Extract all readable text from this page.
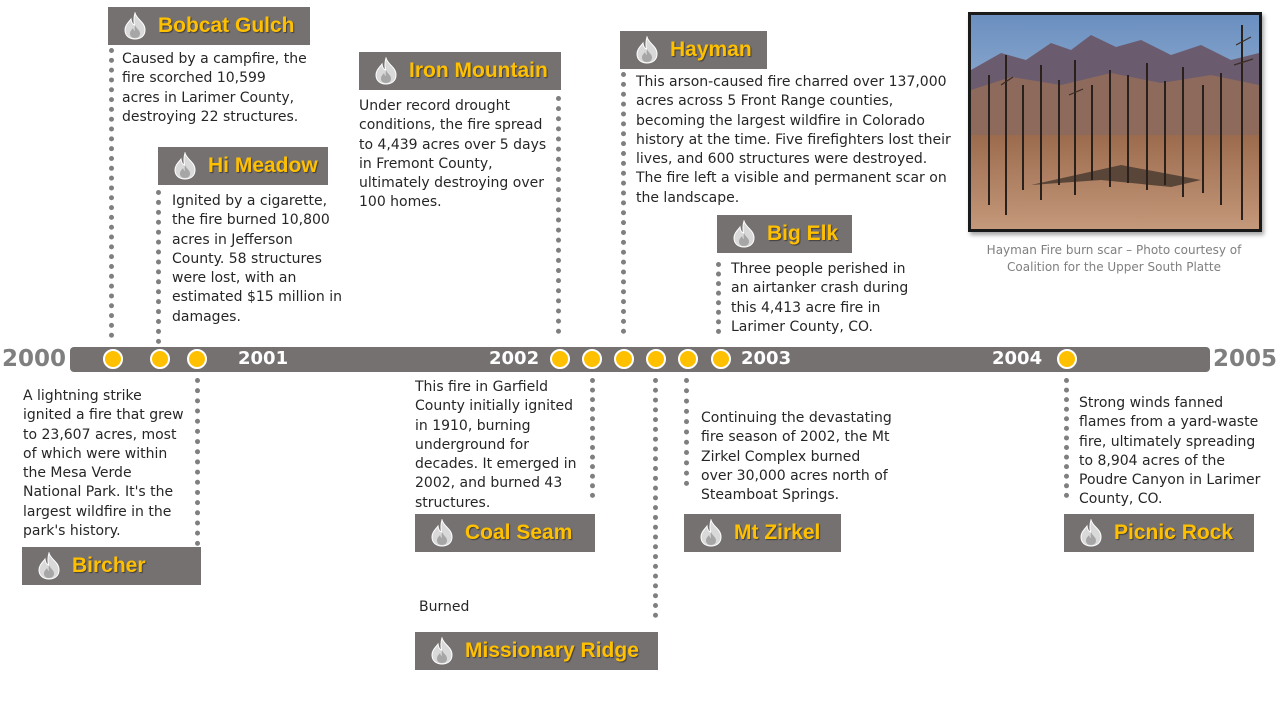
2000	2005
2001	2002	2003	2004
Bobcat Gulch
Caused by a campfire, the
fire scorched 10,599
acres in Larimer County,
destroying 22 structures.
Hi Meadow
Ignited by a cigarette,
the fire burned 10,800
acres in Jefferson
County. 58 structures
were lost, with an
estimated $15 million in
damages.
Iron Mountain
Under record drought
conditions, the fire spread
to 4,439 acres over 5 days
in Fremont County,
ultimately destroying over
100 homes.
Hayman
This arson-caused fire charred over 137,000
acres across 5 Front Range counties,
becoming the largest wildfire in Colorado
history at the time. Five firefighters lost their
lives, and 600 structures were destroyed.
The fire left a visible and permanent scar on
the landscape.
Big Elk
Three people perished in
an airtanker crash during
this 4,413 acre fire in
Larimer County, CO.
Hayman Fire burn scar – Photo courtesy of
Coalition for the Upper South Platte
A lightning strike
ignited a fire that grew
to 23,607 acres, most
of which were within
the Mesa Verde
National Park. It's the
largest wildfire in the
park's history.
Bircher
This fire in Garfield
County initially ignited
in 1910, burning
underground for
decades. It emerged in
2002, and burned 43
structures.
Coal Seam
Burned
Missionary Ridge
Continuing the devastating
fire season of 2002, the Mt
Zirkel Complex burned
over 30,000 acres north of
Steamboat Springs.
Mt Zirkel
Strong winds fanned
flames from a yard-waste
fire, ultimately spreading
to 8,904 acres of the
Poudre Canyon in Larimer
County, CO.
Picnic Rock
